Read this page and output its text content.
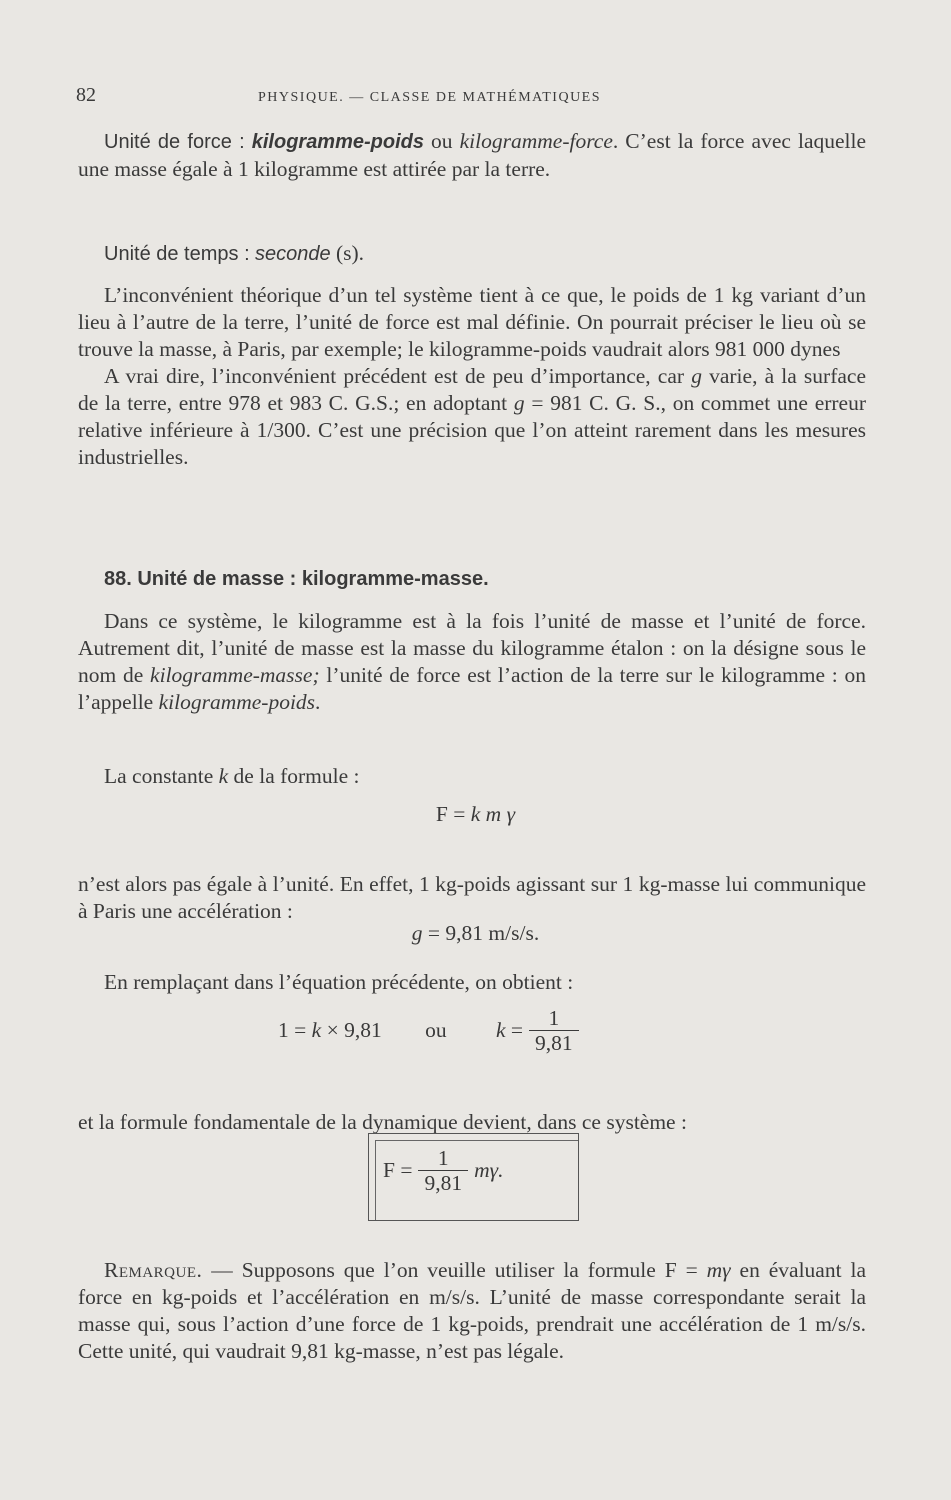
82	PHYSIQUE. — CLASSE DE MATHÉMATIQUES

Unité de force : kilogramme-poids ou kilogramme-force. C’est la force avec laquelle une masse égale à 1 kilogramme est attirée par la terre.

Unité de temps : seconde (s).

L’inconvénient théorique d’un tel système tient à ce que, le poids de 1 kg variant d’un lieu à l’autre de la terre, l’unité de force est mal définie. On pourrait préciser le lieu où se trouve la masse, à Paris, par exemple; le kilogramme-poids vaudrait alors 981 000 dynes

A vrai dire, l’inconvénient précédent est de peu d’importance, car g varie, à la surface de la terre, entre 978 et 983 C. G.S.; en adoptant g = 981 C. G. S., on commet une erreur relative inférieure à 1/300. C’est une précision que l’on atteint rarement dans les mesures industrielles.

88. Unité de masse : kilogramme-masse.

Dans ce système, le kilogramme est à la fois l’unité de masse et l’unité de force. Autrement dit, l’unité de masse est la masse du kilogramme étalon : on la désigne sous le nom de kilogramme-masse; l’unité de force est l’action de la terre sur le kilogramme : on l’appelle kilogramme-poids.

La constante k de la formule :

F = k m γ

n’est alors pas égale à l’unité. En effet, 1 kg-poids agissant sur 1 kg-masse lui communique à Paris une accélération :

g = 9,81 m/s/s.

En remplaçant dans l’équation précédente, on obtient :

1 = k × 9,81 ou $k = \frac{1}{9,81}$

et la formule fondamentale de la dynamique devient, dans ce système :

$F = \frac{1}{9,81} m\gamma$.

Remarque. — Supposons que l’on veuille utiliser la formule F = mγ en évaluant la force en kg-poids et l’accélération en m/s/s. L’unité de masse correspondante serait la masse qui, sous l’action d’une force de 1 kg-poids, prendrait une accélération de 1 m/s/s. Cette unité, qui vaudrait 9,81 kg-masse, n’est pas légale.
